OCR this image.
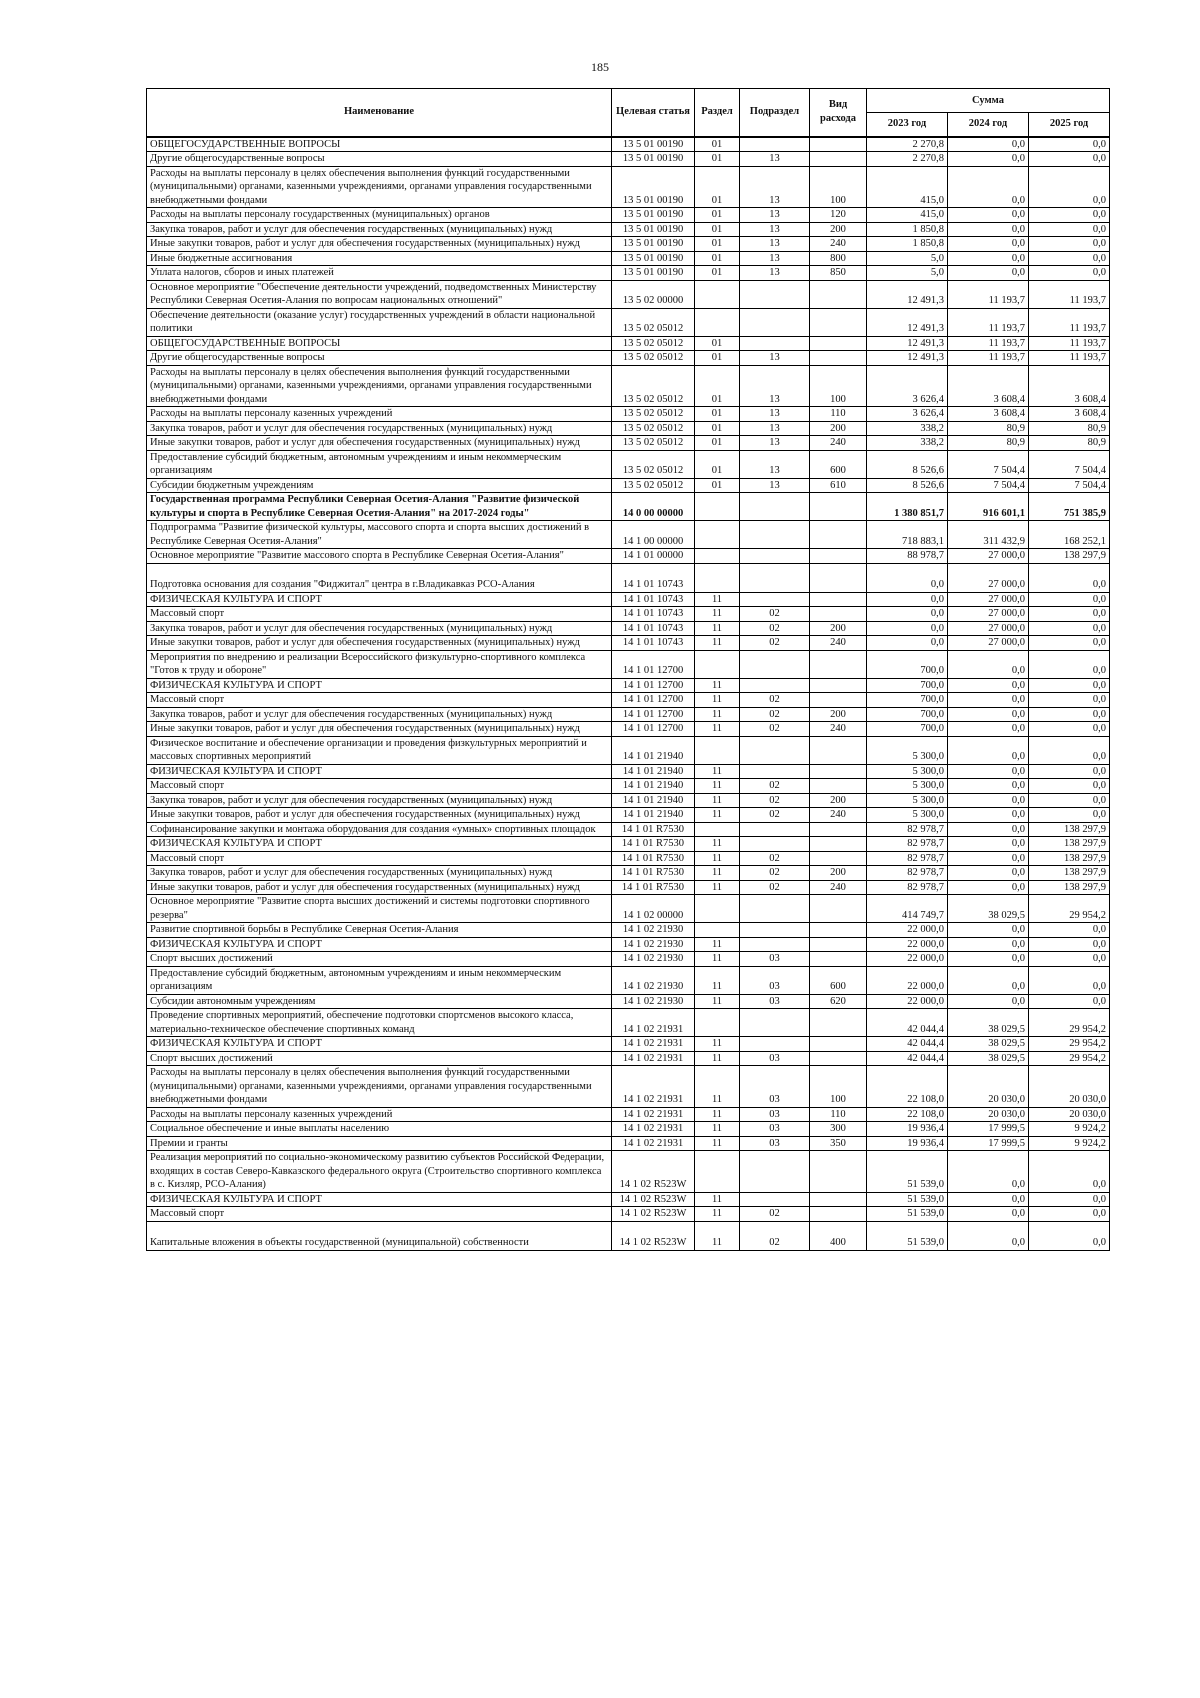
185
Наименование	Целевая статья	Раздел	Подраздел	Вид расхода	Сумма		
					2023 год	2024 год	2025 год
ОБЩЕГОСУДАРСТВЕННЫЕ ВОПРОСЫ	13 5 01 00190	01			2 270,8	0,0	0,0
Другие общегосударственные вопросы	13 5 01 00190	01	13		2 270,8	0,0	0,0
Расходы на выплаты персоналу в целях обеспечения выполнения функций государственными (муниципальными) органами, казенными учреждениями, органами управления государственными внебюджетными фондами	13 5 01 00190	01	13	100	415,0	0,0	0,0
Расходы на выплаты персоналу государственных (муниципальных) органов	13 5 01 00190	01	13	120	415,0	0,0	0,0
Закупка товаров, работ и услуг для обеспечения государственных (муниципальных) нужд	13 5 01 00190	01	13	200	1 850,8	0,0	0,0
Иные закупки товаров, работ и услуг для обеспечения государственных (муниципальных) нужд	13 5 01 00190	01	13	240	1 850,8	0,0	0,0
Иные бюджетные ассигнования	13 5 01 00190	01	13	800	5,0	0,0	0,0
Уплата налогов, сборов и иных платежей	13 5 01 00190	01	13	850	5,0	0,0	0,0
Основное мероприятие "Обеспечение деятельности учреждений, подведомственных Министерству Республики Северная Осетия-Алания по вопросам национальных отношений"	13 5 02 00000				12 491,3	11 193,7	11 193,7
Обеспечение деятельности (оказание услуг) государственных учреждений в области национальной политики	13 5 02 05012				12 491,3	11 193,7	11 193,7
ОБЩЕГОСУДАРСТВЕННЫЕ ВОПРОСЫ	13 5 02 05012	01			12 491,3	11 193,7	11 193,7
Другие общегосударственные вопросы	13 5 02 05012	01	13		12 491,3	11 193,7	11 193,7
Расходы на выплаты персоналу в целях обеспечения выполнения функций государственными (муниципальными) органами, казенными учреждениями, органами управления государственными внебюджетными фондами	13 5 02 05012	01	13	100	3 626,4	3 608,4	3 608,4
Расходы на выплаты персоналу казенных учреждений	13 5 02 05012	01	13	110	3 626,4	3 608,4	3 608,4
Закупка товаров, работ и услуг для обеспечения государственных (муниципальных) нужд	13 5 02 05012	01	13	200	338,2	80,9	80,9
Иные закупки товаров, работ и услуг для обеспечения государственных (муниципальных) нужд	13 5 02 05012	01	13	240	338,2	80,9	80,9
Предоставление субсидий бюджетным, автономным учреждениям и иным некоммерческим организациям	13 5 02 05012	01	13	600	8 526,6	7 504,4	7 504,4
Субсидии бюджетным учреждениям	13 5 02 05012	01	13	610	8 526,6	7 504,4	7 504,4
Государственная программа Республики Северная Осетия-Алания "Развитие физической культуры и спорта в Республике Северная Осетия-Алания" на 2017-2024 годы"	14 0 00 00000				1 380 851,7	916 601,1	751 385,9
Подпрограмма "Развитие физической культуры, массового спорта и спорта высших достижений в Республике Северная Осетия-Алания"	14 1 00 00000				718 883,1	311 432,9	168 252,1
Основное мероприятие "Развитие массового спорта в Республике Северная Осетия-Алания"	14 1 01 00000				88 978,7	27 000,0	138 297,9
Подготовка основания для создания "Фиджитал" центра в г.Владикавказ РСО-Алания	14 1 01 10743				0,0	27 000,0	0,0
ФИЗИЧЕСКАЯ КУЛЬТУРА И СПОРТ	14 1 01 10743	11			0,0	27 000,0	0,0
Массовый спорт	14 1 01 10743	11	02		0,0	27 000,0	0,0
Закупка товаров, работ и услуг для обеспечения государственных (муниципальных) нужд	14 1 01 10743	11	02	200	0,0	27 000,0	0,0
Иные закупки товаров, работ и услуг для обеспечения государственных (муниципальных) нужд	14 1 01 10743	11	02	240	0,0	27 000,0	0,0
Мероприятия по внедрению и реализации Всероссийского физкультурно-спортивного комплекса "Готов к труду и обороне"	14 1 01 12700				700,0	0,0	0,0
ФИЗИЧЕСКАЯ КУЛЬТУРА И СПОРТ	14 1 01 12700	11			700,0	0,0	0,0
Массовый спорт	14 1 01 12700	11	02		700,0	0,0	0,0
Закупка товаров, работ и услуг для обеспечения государственных (муниципальных) нужд	14 1 01 12700	11	02	200	700,0	0,0	0,0
Иные закупки товаров, работ и услуг для обеспечения государственных (муниципальных) нужд	14 1 01 12700	11	02	240	700,0	0,0	0,0
Физическое воспитание и обеспечение организации и проведения физкультурных мероприятий и массовых спортивных мероприятий	14 1 01 21940				5 300,0	0,0	0,0
ФИЗИЧЕСКАЯ КУЛЬТУРА И СПОРТ	14 1 01 21940	11			5 300,0	0,0	0,0
Массовый спорт	14 1 01 21940	11	02		5 300,0	0,0	0,0
Закупка товаров, работ и услуг для обеспечения государственных (муниципальных) нужд	14 1 01 21940	11	02	200	5 300,0	0,0	0,0
Иные закупки товаров, работ и услуг для обеспечения государственных (муниципальных) нужд	14 1 01 21940	11	02	240	5 300,0	0,0	0,0
Софинансирование закупки и монтажа оборудования для создания «умных» спортивных площадок	14 1 01 R7530				82 978,7	0,0	138 297,9
ФИЗИЧЕСКАЯ КУЛЬТУРА И СПОРТ	14 1 01 R7530	11			82 978,7	0,0	138 297,9
Массовый спорт	14 1 01 R7530	11	02		82 978,7	0,0	138 297,9
Закупка товаров, работ и услуг для обеспечения государственных (муниципальных) нужд	14 1 01 R7530	11	02	200	82 978,7	0,0	138 297,9
Иные закупки товаров, работ и услуг для обеспечения государственных (муниципальных) нужд	14 1 01 R7530	11	02	240	82 978,7	0,0	138 297,9
Основное мероприятие "Развитие спорта высших достижений и системы подготовки спортивного резерва"	14 1 02 00000				414 749,7	38 029,5	29 954,2
Развитие спортивной борьбы в Республике Северная Осетия-Алания	14 1 02 21930				22 000,0	0,0	0,0
ФИЗИЧЕСКАЯ КУЛЬТУРА И СПОРТ	14 1 02 21930	11			22 000,0	0,0	0,0
Спорт высших достижений	14 1 02 21930	11	03		22 000,0	0,0	0,0
Предоставление субсидий бюджетным, автономным учреждениям и иным некоммерческим организациям	14 1 02 21930	11	03	600	22 000,0	0,0	0,0
Субсидии автономным учреждениям	14 1 02 21930	11	03	620	22 000,0	0,0	0,0
Проведение спортивных мероприятий, обеспечение подготовки спортсменов высокого класса, материально-техническое обеспечение спортивных команд	14 1 02 21931				42 044,4	38 029,5	29 954,2
ФИЗИЧЕСКАЯ КУЛЬТУРА И СПОРТ	14 1 02 21931	11			42 044,4	38 029,5	29 954,2
Спорт высших достижений	14 1 02 21931	11	03		42 044,4	38 029,5	29 954,2
Расходы на выплаты персоналу в целях обеспечения выполнения функций государственными (муниципальными) органами, казенными учреждениями, органами управления государственными внебюджетными фондами	14 1 02 21931	11	03	100	22 108,0	20 030,0	20 030,0
Расходы на выплаты персоналу казенных учреждений	14 1 02 21931	11	03	110	22 108,0	20 030,0	20 030,0
Социальное обеспечение и иные выплаты населению	14 1 02 21931	11	03	300	19 936,4	17 999,5	9 924,2
Премии и гранты	14 1 02 21931	11	03	350	19 936,4	17 999,5	9 924,2
Реализация мероприятий по социально-экономическому развитию субъектов Российской Федерации, входящих в состав Северо-Кавказского федерального округа (Строительство спортивного комплекса в с. Кизляр, РСО-Алания)	14 1 02 R523W				51 539,0	0,0	0,0
ФИЗИЧЕСКАЯ КУЛЬТУРА И СПОРТ	14 1 02 R523W	11			51 539,0	0,0	0,0
Массовый спорт	14 1 02 R523W	11	02		51 539,0	0,0	0,0
Капитальные вложения в объекты государственной (муниципальной) собственности	14 1 02 R523W	11	02	400	51 539,0	0,0	0,0
